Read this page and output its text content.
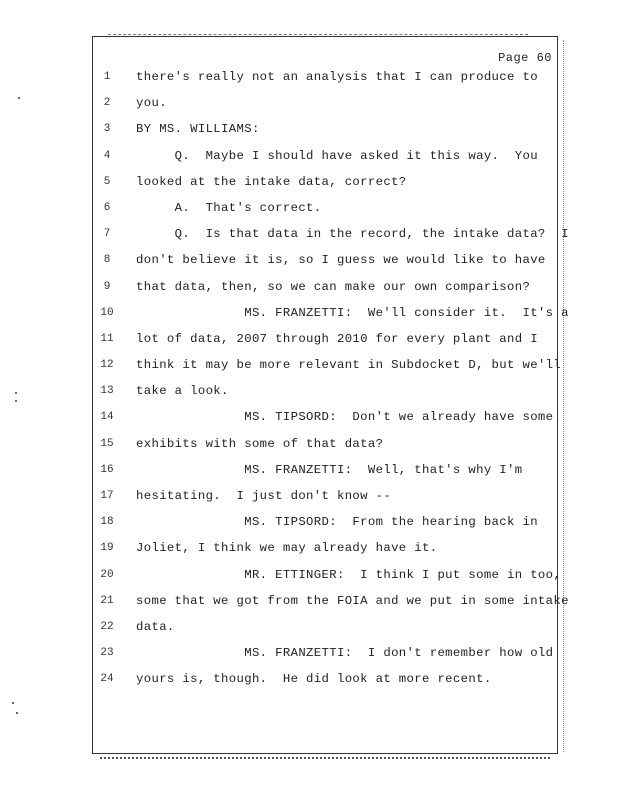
Page 60
1	there's really not an analysis that I can produce to
2	you.
3	BY MS. WILLIAMS:
4	Q.  Maybe I should have asked it this way.  You
5	looked at the intake data, correct?
6	A.  That's correct.
7	Q.  Is that data in the record, the intake data?  I
8	don't believe it is, so I guess we would like to have
9	that data, then, so we can make our own comparison?
10	MS. FRANZETTI:  We'll consider it.  It's a
11	lot of data, 2007 through 2010 for every plant and I
12	think it may be more relevant in Subdocket D, but we'll
13	take a look.
14	MS. TIPSORD:  Don't we already have some
15	exhibits with some of that data?
16	MS. FRANZETTI:  Well, that's why I'm
17	hesitating.  I just don't know --
18	MS. TIPSORD:  From the hearing back in
19	Joliet, I think we may already have it.
20	MR. ETTINGER:  I think I put some in too,
21	some that we got from the FOIA and we put in some intake
22	data.
23	MS. FRANZETTI:  I don't remember how old
24	yours is, though.  He did look at more recent.
